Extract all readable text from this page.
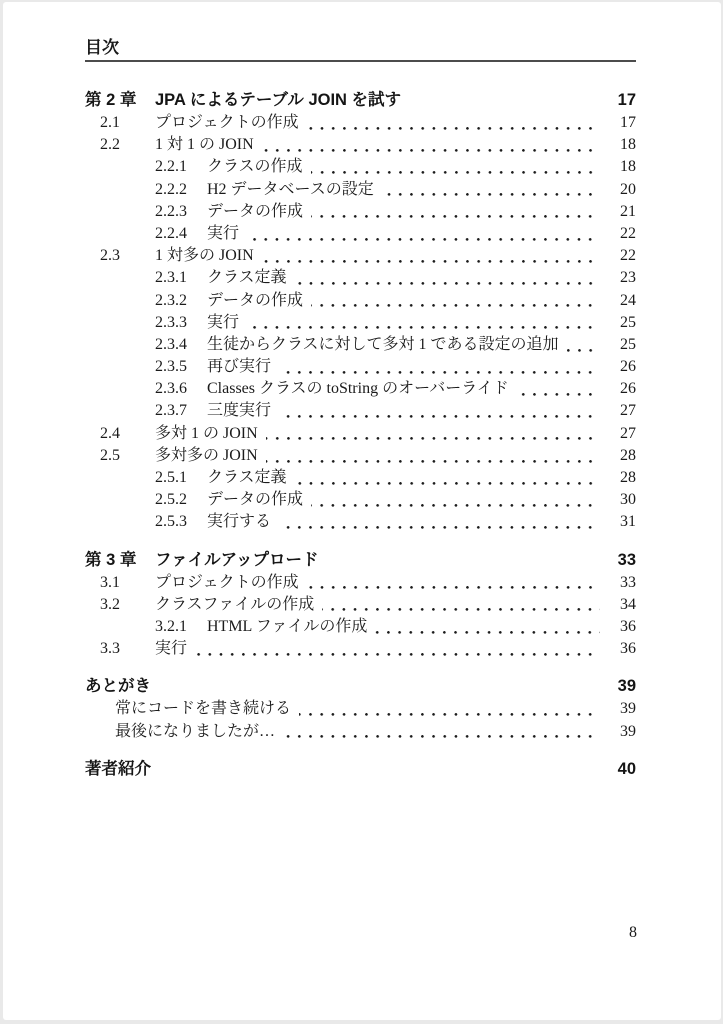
目次
第 2 章	JPA によるテーブル JOIN を試す	17
2.1	プロジェクトの作成	17
2.2	1 対 1 の JOIN	18
2.2.1	クラスの作成	18
2.2.2	H2 データベースの設定	20
2.2.3	データの作成	21
2.2.4	実行	22
2.3	1 対多の JOIN	22
2.3.1	クラス定義	23
2.3.2	データの作成	24
2.3.3	実行	25
2.3.4	生徒からクラスに対して多対 1 である設定の追加	25
2.3.5	再び実行	26
2.3.6	Classes クラスの toString のオーバーライド	26
2.3.7	三度実行	27
2.4	多対 1 の JOIN	27
2.5	多対多の JOIN	28
2.5.1	クラス定義	28
2.5.2	データの作成	30
2.5.3	実行する	31
第 3 章	ファイルアップロード	33
3.1	プロジェクトの作成	33
3.2	クラスファイルの作成	34
3.2.1	HTML ファイルの作成	36
3.3	実行	36
あとがき	39
常にコードを書き続ける	39
最後になりましたが…	39
著者紹介	40
8
